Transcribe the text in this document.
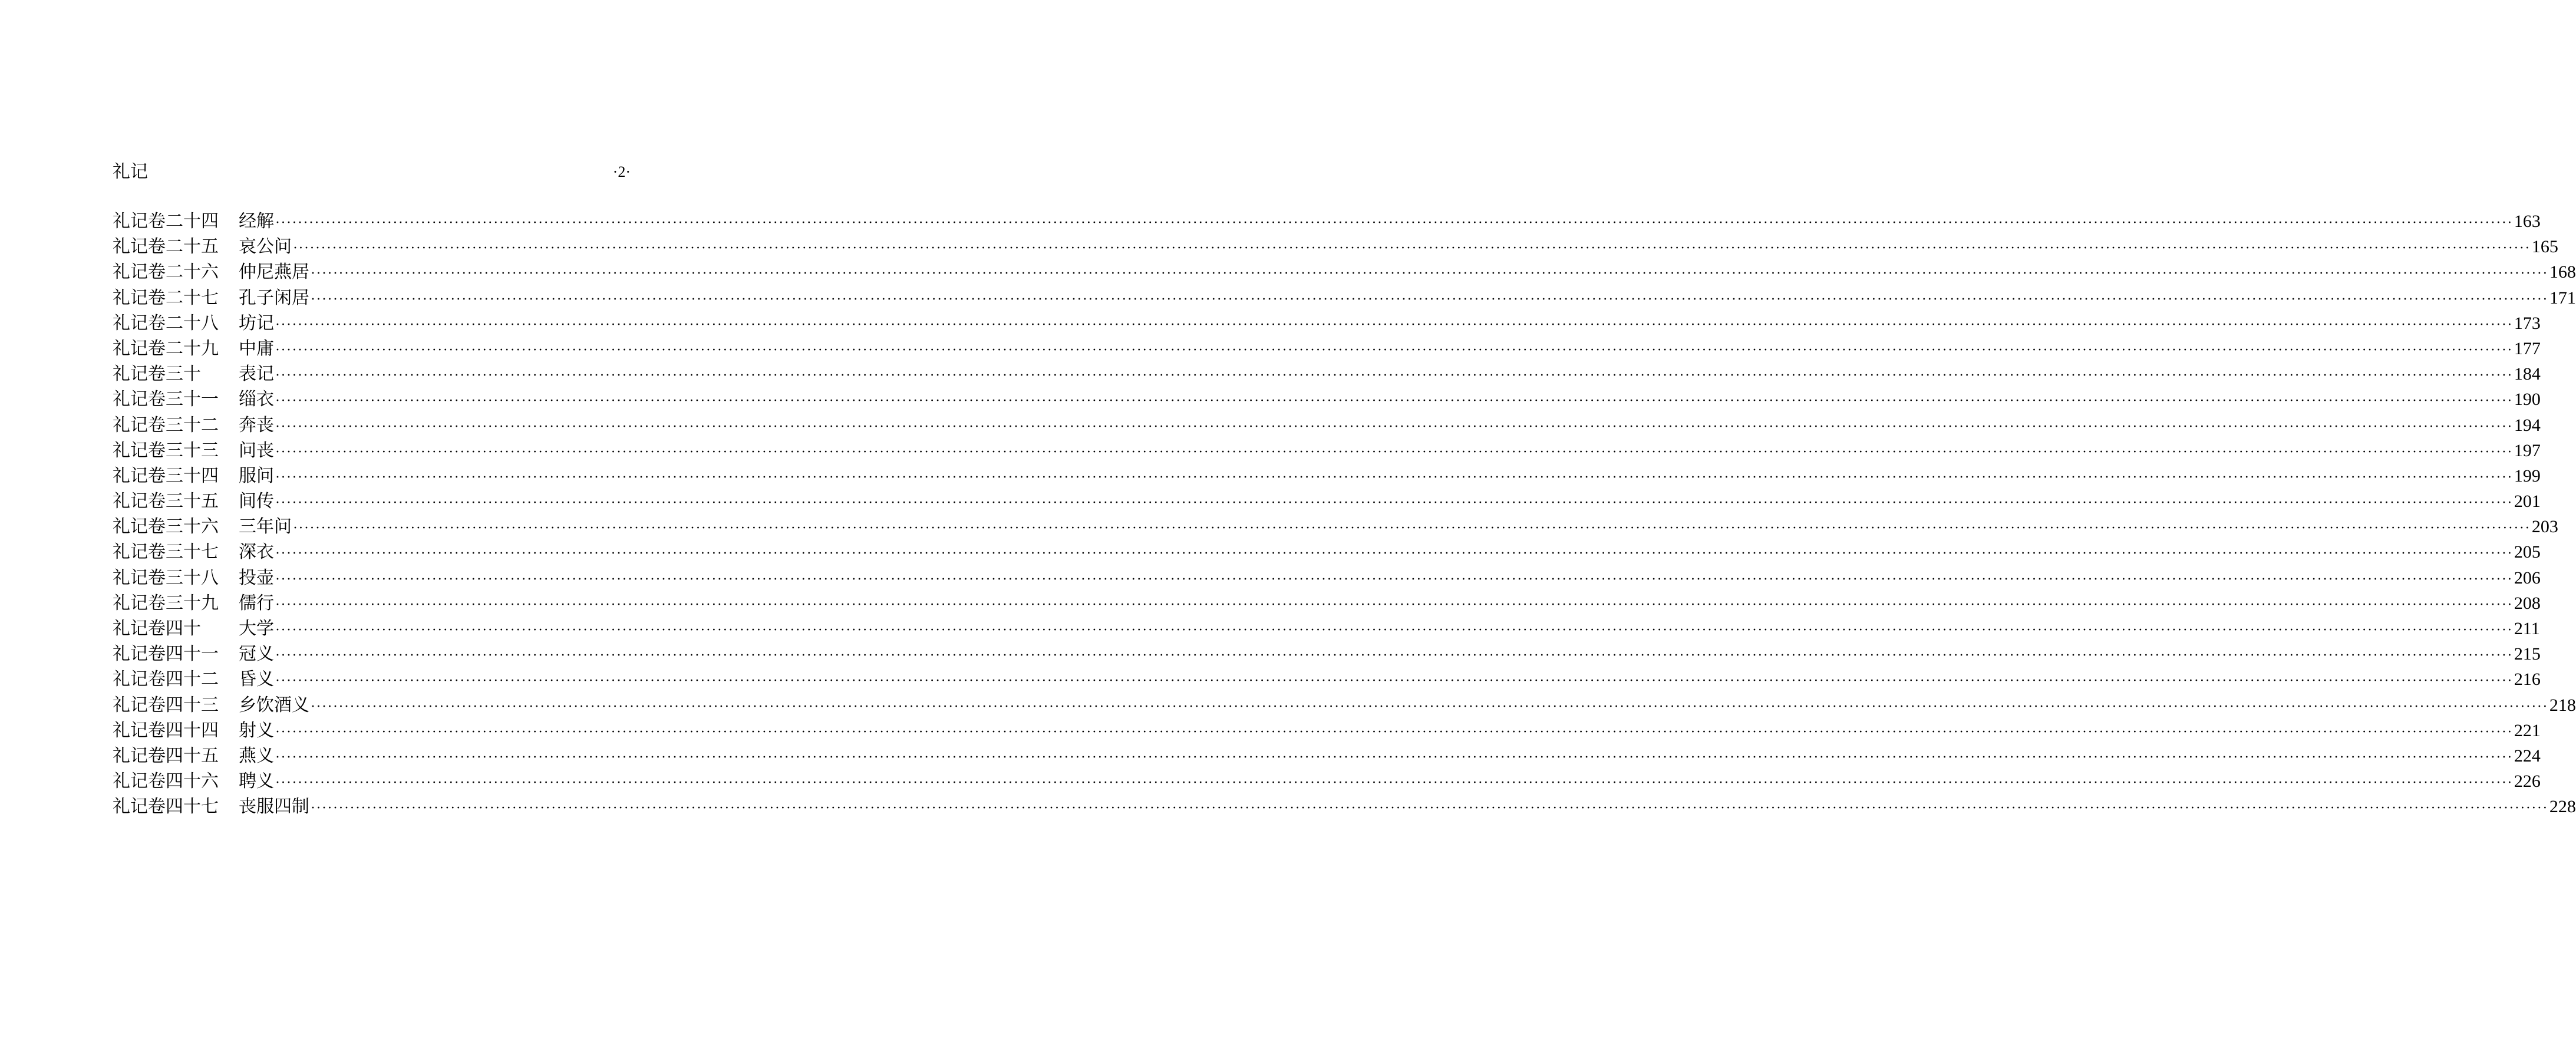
礼记	·2·
礼记卷二十四	经解 ················································································································································································································································································································································································································ 163
礼记卷二十五	哀公问 ················································································································································································································································································································································································································ 165
礼记卷二十六	仲尼燕居 ················································································································································································································································································································································································································ 168
礼记卷二十七	孔子闲居 ················································································································································································································································································································································································································ 171
礼记卷二十八	坊记 ················································································································································································································································································································································································································ 173
礼记卷二十九	中庸 ················································································································································································································································································································································································································ 177
礼记卷三十	表记 ················································································································································································································································································································································································································ 184
礼记卷三十一	缁衣 ················································································································································································································································································································································································································ 190
礼记卷三十二	奔丧 ················································································································································································································································································································································································································ 194
礼记卷三十三	问丧 ················································································································································································································································································································································································································ 197
礼记卷三十四	服问 ················································································································································································································································································································································································································ 199
礼记卷三十五	间传 ················································································································································································································································································································································································································ 201
礼记卷三十六	三年问 ················································································································································································································································································································································································································ 203
礼记卷三十七	深衣 ················································································································································································································································································································································································································ 205
礼记卷三十八	投壶 ················································································································································································································································································································································································································ 206
礼记卷三十九	儒行 ················································································································································································································································································································································································································ 208
礼记卷四十	大学 ················································································································································································································································································································································································································ 211
礼记卷四十一	冠义 ················································································································································································································································································································································································································ 215
礼记卷四十二	昏义 ················································································································································································································································································································································································································ 216
礼记卷四十三	乡饮酒义 ················································································································································································································································································································································································································ 218
礼记卷四十四	射义 ················································································································································································································································································································································································································ 221
礼记卷四十五	燕义 ················································································································································································································································································································································································································ 224
礼记卷四十六	聘义 ················································································································································································································································································································································································································ 226
礼记卷四十七	丧服四制 ················································································································································································································································································································································································································ 228
